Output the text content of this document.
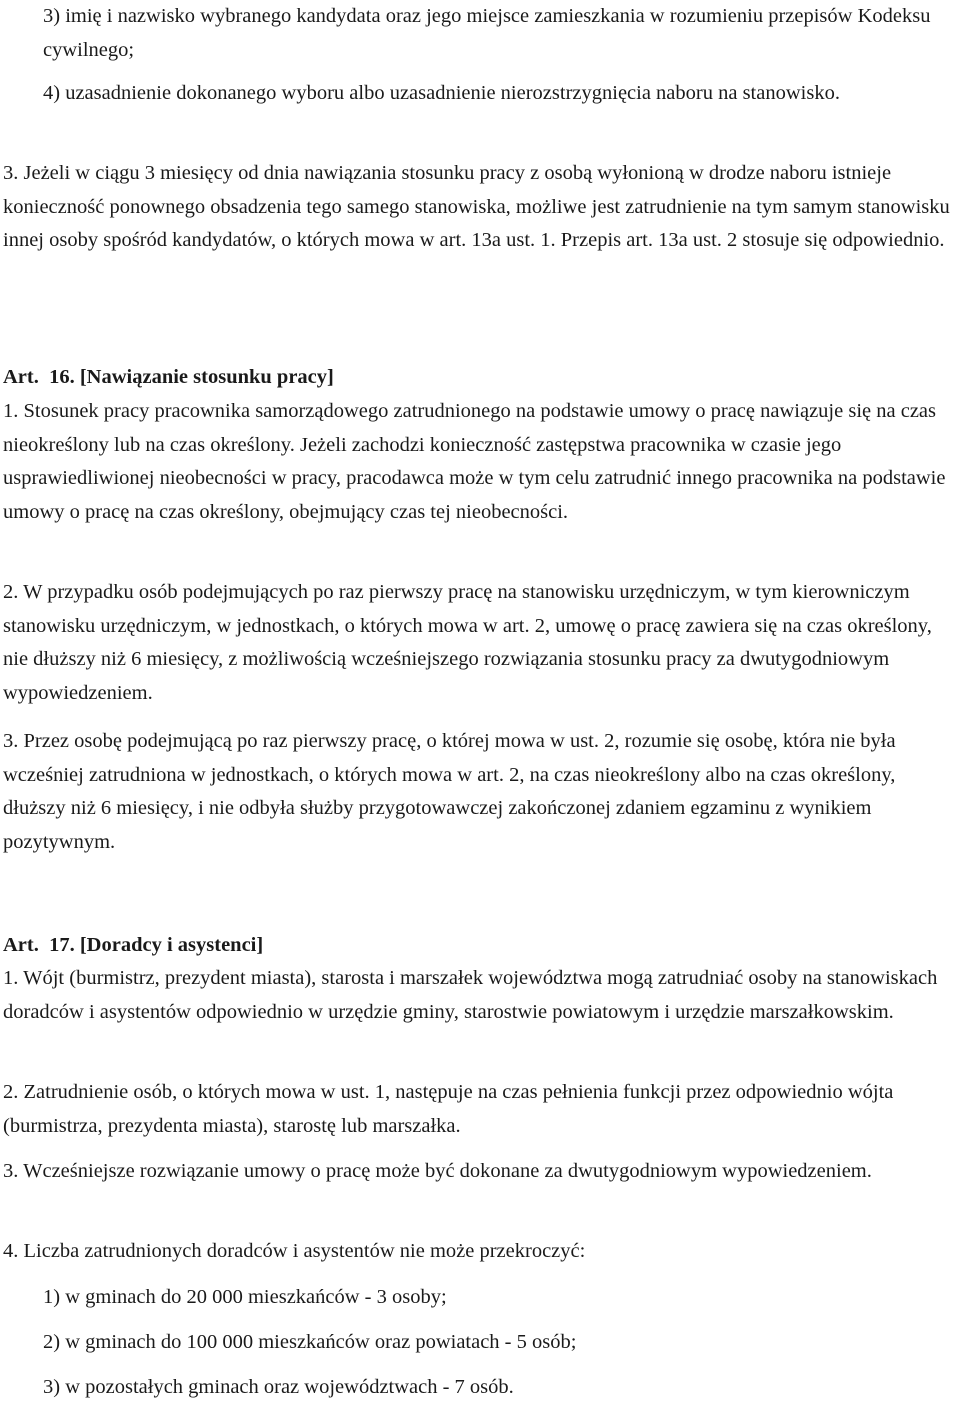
3) imię i nazwisko wybranego kandydata oraz jego miejsce zamieszkania w rozumieniu przepisów Kodeksu cywilnego;

4) uzasadnienie dokonanego wyboru albo uzasadnienie nierozstrzygnięcia naboru na stanowisko.

3. Jeżeli w ciągu 3 miesięcy od dnia nawiązania stosunku pracy z osobą wyłonioną w drodze naboru istnieje konieczność ponownego obsadzenia tego samego stanowiska, możliwe jest zatrudnienie na tym samym stanowisku innej osoby spośród kandydatów, o których mowa w art. 13a ust. 1. Przepis art. 13a ust. 2 stosuje się odpowiednio.

Art.  16. [Nawiązanie stosunku pracy]

1. Stosunek pracy pracownika samorządowego zatrudnionego na podstawie umowy o pracę nawiązuje się na czas nieokreślony lub na czas określony. Jeżeli zachodzi konieczność zastępstwa pracownika w czasie jego usprawiedliwionej nieobecności w pracy, pracodawca może w tym celu zatrudnić innego pracownika na podstawie umowy o pracę na czas określony, obejmujący czas tej nieobecności.

2. W przypadku osób podejmujących po raz pierwszy pracę na stanowisku urzędniczym, w tym kierowniczym stanowisku urzędniczym, w jednostkach, o których mowa w art. 2, umowę o pracę zawiera się na czas określony, nie dłuższy niż 6 miesięcy, z możliwością wcześniejszego rozwiązania stosunku pracy za dwutygodniowym wypowiedzeniem.

3. Przez osobę podejmującą po raz pierwszy pracę, o której mowa w ust. 2, rozumie się osobę, która nie była wcześniej zatrudniona w jednostkach, o których mowa w art. 2, na czas nieokreślony albo na czas określony, dłuższy niż 6 miesięcy, i nie odbyła służby przygotowawczej zakończonej zdaniem egzaminu z wynikiem pozytywnym.

Art.  17. [Doradcy i asystenci]

1. Wójt (burmistrz, prezydent miasta), starosta i marszałek województwa mogą zatrudniać osoby na stanowiskach doradców i asystentów odpowiednio w urzędzie gminy, starostwie powiatowym i urzędzie marszałkowskim.

2. Zatrudnienie osób, o których mowa w ust. 1, następuje na czas pełnienia funkcji przez odpowiednio wójta (burmistrza, prezydenta miasta), starostę lub marszałka.

3. Wcześniejsze rozwiązanie umowy o pracę może być dokonane za dwutygodniowym wypowiedzeniem.

4. Liczba zatrudnionych doradców i asystentów nie może przekroczyć:

1) w gminach do 20 000 mieszkańców - 3 osoby;

2) w gminach do 100 000 mieszkańców oraz powiatach - 5 osób;

3) w pozostałych gminach oraz województwach - 7 osób.
